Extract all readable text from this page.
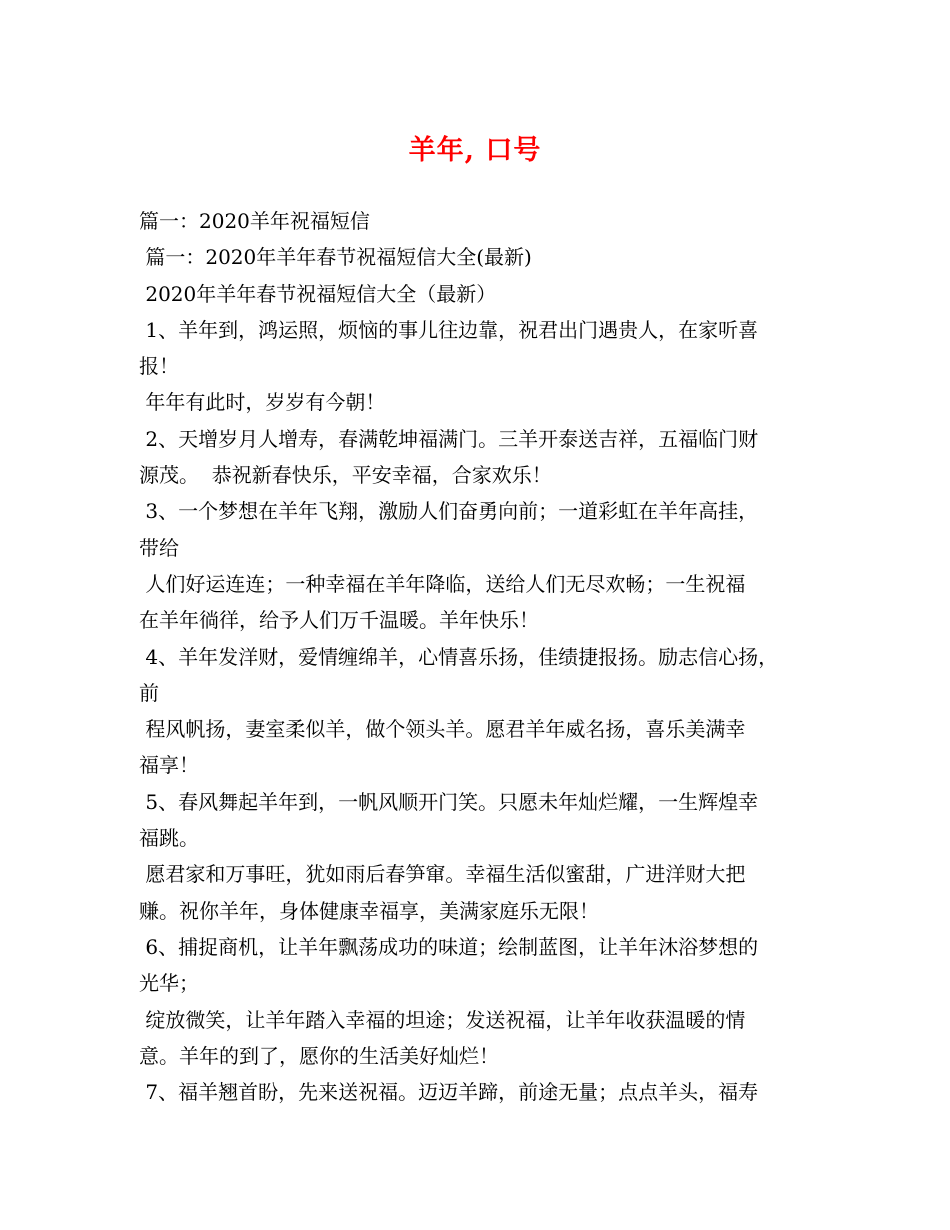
羊年, 口号
篇一：2020羊年祝福短信
篇一：2020年羊年春节祝福短信大全(最新)
2020年羊年春节祝福短信大全（最新）
1、羊年到，鸿运照，烦恼的事儿往边靠，祝君出门遇贵人，在家听喜
报！
年年有此时，岁岁有今朝！
2、天增岁月人增寿，春满乾坤福满门。三羊开泰送吉祥，五福临门财
源茂。  恭祝新春快乐，平安幸福，合家欢乐！
3、一个梦想在羊年飞翔，激励人们奋勇向前；一道彩虹在羊年高挂，
带给
人们好运连连；一种幸福在羊年降临，送给人们无尽欢畅；一生祝福
在羊年徜徉，给予人们万千温暖。羊年快乐！
4、羊年发洋财，爱情缠绵羊，心情喜乐扬，佳绩捷报扬。励志信心扬，
前
程风帆扬，妻室柔似羊，做个领头羊。愿君羊年威名扬，喜乐美满幸
福享！
5、春风舞起羊年到，一帆风顺开门笑。只愿未年灿烂耀，一生辉煌幸
福跳。
愿君家和万事旺，犹如雨后春笋窜。幸福生活似蜜甜，广进洋财大把
赚。祝你羊年，身体健康幸福享，美满家庭乐无限！
6、捕捉商机，让羊年飘荡成功的味道；绘制蓝图，让羊年沐浴梦想的
光华；
绽放微笑，让羊年踏入幸福的坦途；发送祝福，让羊年收获温暖的情
意。羊年的到了，愿你的生活美好灿烂！
7、福羊翘首盼，先来送祝福。迈迈羊蹄，前途无量；点点羊头，福寿
